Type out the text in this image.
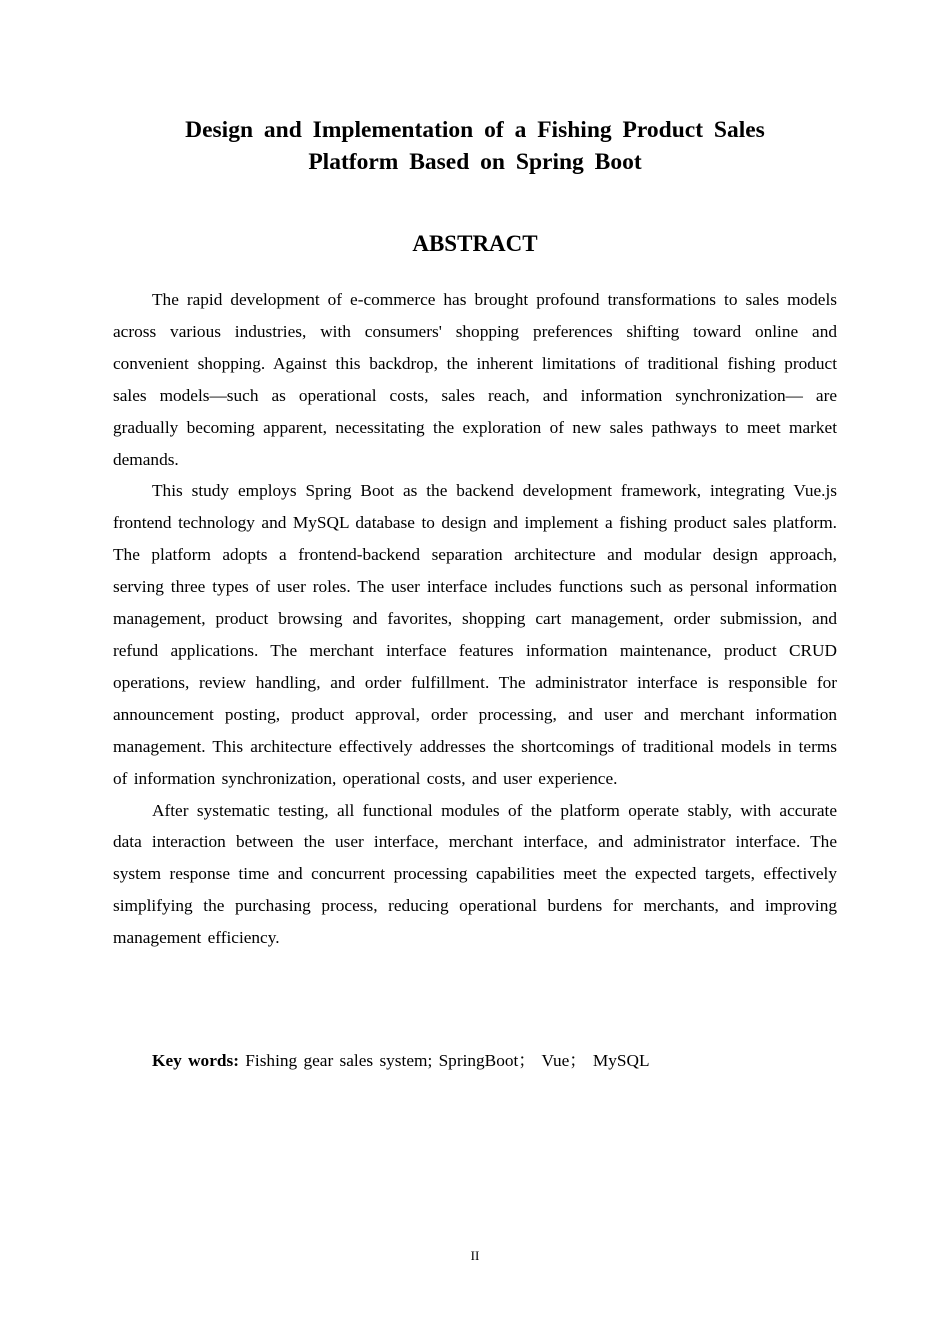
Design and Implementation of a Fishing Product Sales
Platform Based on Spring Boot
ABSTRACT

The rapid development of e-commerce has brought profound transformations to sales models across various industries, with consumers' shopping preferences shifting toward online and convenient shopping. Against this backdrop, the inherent limitations of traditional fishing product sales models—such as operational costs, sales reach, and information synchronization— are gradually becoming apparent, necessitating the exploration of new sales pathways to meet market demands.

This study employs Spring Boot as the backend development framework, integrating Vue.js frontend technology and MySQL database to design and implement a fishing product sales platform. The platform adopts a frontend-backend separation architecture and modular design approach, serving three types of user roles. The user interface includes functions such as personal information management, product browsing and favorites, shopping cart management, order submission, and refund applications. The merchant interface features information maintenance, product CRUD operations, review handling, and order fulfillment. The administrator interface is responsible for announcement posting, product approval, order processing, and user and merchant information management. This architecture effectively addresses the shortcomings of traditional models in terms of information synchronization, operational costs, and user experience.

After systematic testing, all functional modules of the platform operate stably, with accurate data interaction between the user interface, merchant interface, and administrator interface. The system response time and concurrent processing capabilities meet the expected targets, effectively simplifying the purchasing process, reducing operational burdens for merchants, and improving management efficiency.

Key words: Fishing gear sales system; SpringBoot； Vue； MySQL

II
